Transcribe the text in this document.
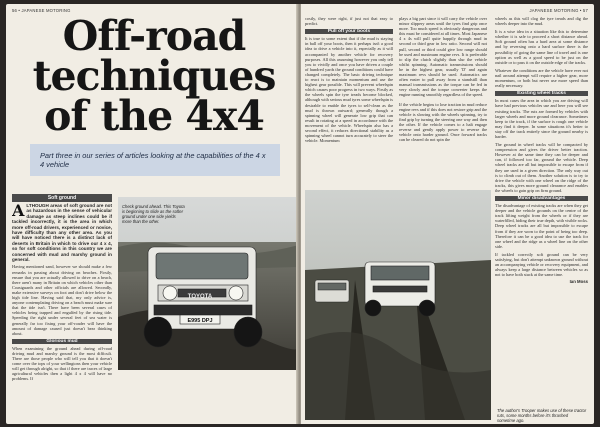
56 • JAPANESE MOTORING
Off-road techniques of the 4x4
Part three in our series of articles looking at the capabilities of the 4 x 4 vehicle
Soft ground
A LTHOUGH areas of soft ground are not as hazardous in the sense of vehicular damage as steep inclines could be if tackled incorrectly, it is the area in which more off-road drivers, experienced or novice, have difficulty than any other area. As you will have noticed there is a distinct lack of deserts in Britain in which to drive our 4 x 4, so for soft conditions in this country we are concerned with mud and marshy ground in general.

Having mentioned sand, however we should make a few remarks in passing about driving on beaches. Firstly, ensure that you are actually allowed to drive on a beach, there aren't many in Britain on which vehicles other than Coastguards and other officials are allowed. Secondly, make extensive surveys on foot and don't drive below the high tide line. Having said that, my only advice is, anyone contemplating driving on a beach must make sure that the tide isn't. There have been several cases of vehicles being trapped and engulfed by the rising tide. Speeding the right under several feet of sea water is generally far too fixing your off-roader will have the amount of damage caused just doesn't bear thinking about.

Glorious mud

When examining the ground ahead during off-road driving mud and marshy ground is the most difficult. There are those people who will tell you that it doesn't come over the tops of your wellingtons then your vehicle will get through alright, so that if there are traces of large agricultural vehicles then a light 4 x 4 will have no problems. If

TOYOTA
E995 DPJ
Check ground ahead. This Toyota is beginning to slide as the softer ground under one side yields more than the other.
JAPANESE MOTORING • 57

costly, they were right, if just not that easy to predict.

Pull off your boots

It is true to some extent that if the mud is staying in ball off your boots, then it perhaps isn't a good idea to drive a vehicle into it, especially as it will accompanied by another vehicle for recovery purposes. All this assuming however you only tell you to vividly and once you have driven a couple of hundred yards the ground conditions could have changed completely. The basic driving technique to react is to maintain momentum and use the highest gear possible. This will prevent wheelspin which causes poor progress in two ways. Firstly as the wheels spin the tyre treads become blocked, although with serious mud tyres some wheelspin is desirable to enable the tyres to self-clean as the mud is thrown outward; generally though a spinning wheel will generate low grip that can result in rotating at a speed in accordance with the movement of the vehicle. Wheelspin also has a second effect, it reduces directional stability as a spinning wheel cannot turn accurately to steer the vehicle. Momentum

plays a big part since it will carry the vehicle over minor slippery areas until the tyres find grip once more. Too much speed is obviously dangerous and this must be considered at all times. Most Japanese 4 x 4s will pull quite happily through mud in second or third gear in low ratio. Second will not pull, second or third could give low range should be used and maximum engine revs. It is preferable to slip the clutch slightly than slur the vehicle whilst spinning. Automatic transmissions should be in the highest gear, usually 'D' and again maximum revs should be used. Automatics are often easier to pull away from a standstill than manual transmissions as the torque can be fed in very slowly and the torque converter keeps the engine running smoothly regardless of the speed.

If the vehicle begins to lose traction in mud reduce engine revs and if this does not restore grip and the vehicle is slowing with the wheels spinning, try to find grip by turning the steering one way and then the other. If the vehicle comes to a halt engage reverse and gently apply power to reverse the vehicle onto harder ground. Once forward tracks can be cleared do not spin the

wheels as this will clog the tyre treads and dig the wheels deeper into the mud.

It is a wise idea in a situation like this to determine whether it is safe to proceed a short distance ahead. Soft ground often has a hard area at some distance and by reversing onto a hard surface there is the possibility of going the same line of travel and is one option as well as a good speed to be just on the outside or to pass it on the outside edge of the tracks.

Whatever the conditions are the vehicle have ever not nail around attempt will require a higher gear, more momentum, or both but never use more speed than really necessary.

Existing wheel tracks

In most cases the area in which you are driving will have had previous vehicles use and here you will see existing tracks. The ruts are formed by vehicles with larger wheels and more ground clearance. Sometimes keep to the track, if the surface is rough one vehicle may find it deeper. In some situations it's better to stay off the track entirely since the ground nearby is harder.

The ground in wheel tracks will be compacted by compression and gives the driver better traction. However at the same time they can be deeper and can, if followed too far, ground the vehicle. Deep wheel tracks are all but impossible to escape from if they are used in a given direction. The only way out is to climb out of them. Another solution is to try to drive the vehicle with one wheel on the ridge of the tracks, this gives more ground clearance and enables the wheels to gain grip on firm ground.

Minor disadvantages

The disadvantage of existing tracks are when they get deeper and the vehicle grounds on the centre of the track lifting weight from the wheels or if they are waterfilled, hiding their true depth, with visible rocks. Deep wheel tracks are all but impossible to escape from if they are worn to the point of being too deep. Therefore it can be a good idea to use the track for one wheel and the ridge as a wheel line on the other side.

If tackled correctly soft ground can be very satisfying, but don't attempt unknown ground without an accompanying vehicle or recovery equipment, and always keep a large distance between vehicles so as not to have both stuck at the same time.

Ian Moss
The author's Trooper makes use of these tractor ruts, some months before it's thrashed sometime ago.
